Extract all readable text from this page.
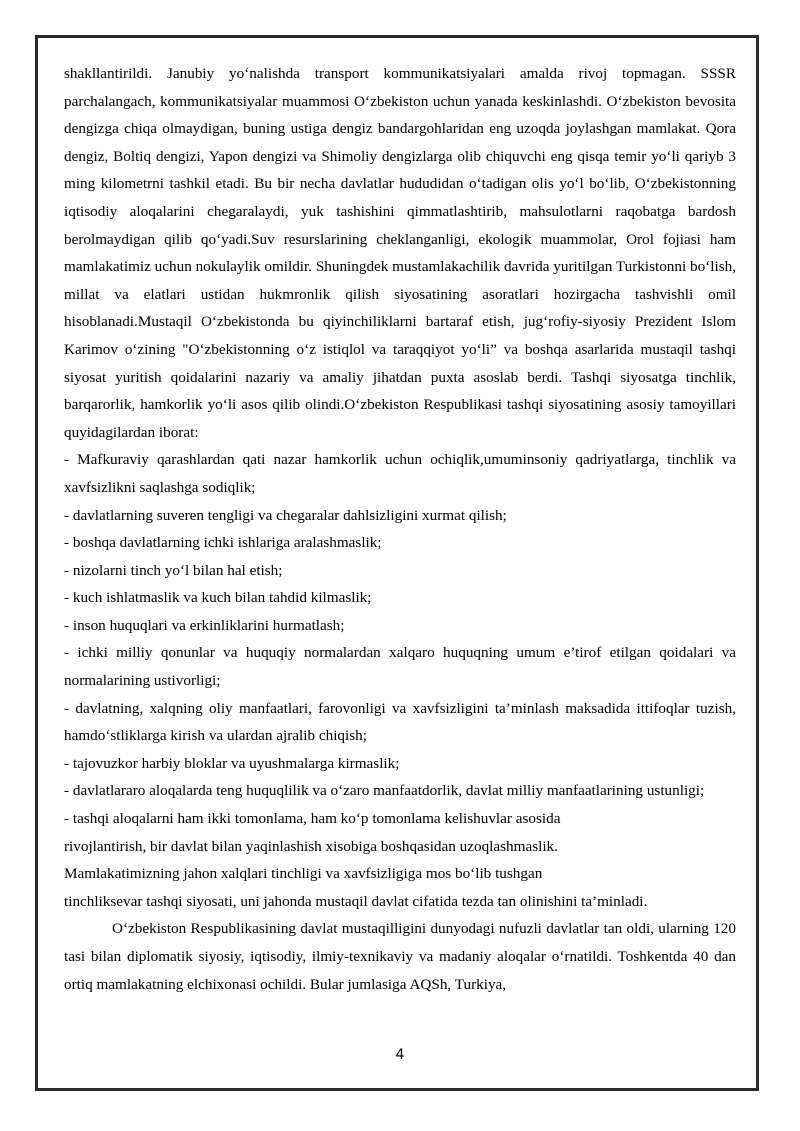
shakllantirildi. Janubiy yo‘nalishda transport kommunikatsiyalari amalda rivoj topmagan. SSSR parchalangach, kommunikatsiyalar muammosi O‘zbekiston uchun yanada keskinlashdi. O‘zbekiston bevosita dengizga chiqa olmaydigan, buning ustiga dengiz bandargohlaridan eng uzoqda joylashgan mamlakat. Qora dengiz, Boltiq dengizi, Yapon dengizi va Shimoliy dengizlarga olib chiquvchi eng qisqa temir yo‘li qariyb 3 ming kilometrni tashkil etadi. Bu bir necha davlatlar hududidan o‘tadigan olis yo‘l bo‘lib, O‘zbekistonning iqtisodiy aloqalarini chegaralaydi, yuk tashishini qimmatlashtirib, mahsulotlarni raqobatga bardosh berolmaydigan qilib qo‘yadi.Suv resurslarining cheklanganligi, ekologik muammolar, Orol fojiasi ham mamlakatimiz uchun nokulaylik omildir. Shuningdek mustamlakachilik davrida yuritilgan Turkistonni bo‘lish, millat va elatlari ustidan hukmronlik qilish siyosatining asoratlari hozirgacha tashvishli omil hisoblanadi.Mustaqil O‘zbekistonda bu qiyinchiliklarni bartaraf etish, jug‘rofiy-siyosiy Prezident Islom Karimov o‘zining "O‘zbekistonning o‘z istiqlol va taraqqiyot yo‘li” va boshqa asarlarida mustaqil tashqi siyosat yuritish qoidalarini nazariy va amaliy jihatdan puxta asoslab berdi. Tashqi siyosatga tinchlik, barqarorlik, hamkorlik yo‘li asos qilib olindi.O‘zbekiston Respublikasi tashqi siyosatining asosiy tamoyillari quyidagilardan iborat:

- Mafkuraviy qarashlardan qati nazar hamkorlik uchun ochiqlik,umuminsoniy qadriyatlarga, tinchlik va xavfsizlikni saqlashga sodiqlik;

- davlatlarning suveren tengligi va chegaralar dahlsizligini xurmat qilish;

- boshqa davlatlarning ichki ishlariga aralashmaslik;

- nizolarni tinch yo‘l bilan hal etish;

- kuch ishlatmaslik va kuch bilan tahdid kilmaslik;

- inson huquqlari va erkinliklarini hurmatlash;

- ichki milliy qonunlar va huquqiy normalardan xalqaro huquqning umum e’tirof etilgan qoidalari va normalarining ustivorligi;

- davlatning, xalqning oliy manfaatlari, farovonligi va xavfsizligini ta’minlash maksadida ittifoqlar tuzish, hamdo‘stliklarga kirish va ulardan ajralib chiqish;

- tajovuzkor harbiy bloklar va uyushmalarga kirmaslik;

- davlatlararo aloqalarda teng huquqlilik va o‘zaro manfaatdorlik, davlat milliy manfaatlarining ustunligi;

- tashqi aloqalarni ham ikki tomonlama, ham ko‘p tomonlama kelishuvlar asosida

rivojlantirish, bir davlat bilan yaqinlashish xisobiga boshqasidan uzoqlashmaslik.

Mamlakatimizning jahon xalqlari tinchligi va xavfsizligiga mos bo‘lib tushgan

tinchliksevar tashqi siyosati, uni jahonda mustaqil davlat cifatida tezda tan olinishini ta’minladi.

O‘zbekiston Respublikasining davlat mustaqilligini dunyodagi nufuzli davlatlar tan oldi, ularning 120 tasi bilan diplomatik siyosiy, iqtisodiy, ilmiy-texnikaviy va madaniy aloqalar o‘rnatildi. Toshkentda 40 dan ortiq mamlakatning elchixonasi ochildi. Bular jumlasiga AQSh, Turkiya,

4
